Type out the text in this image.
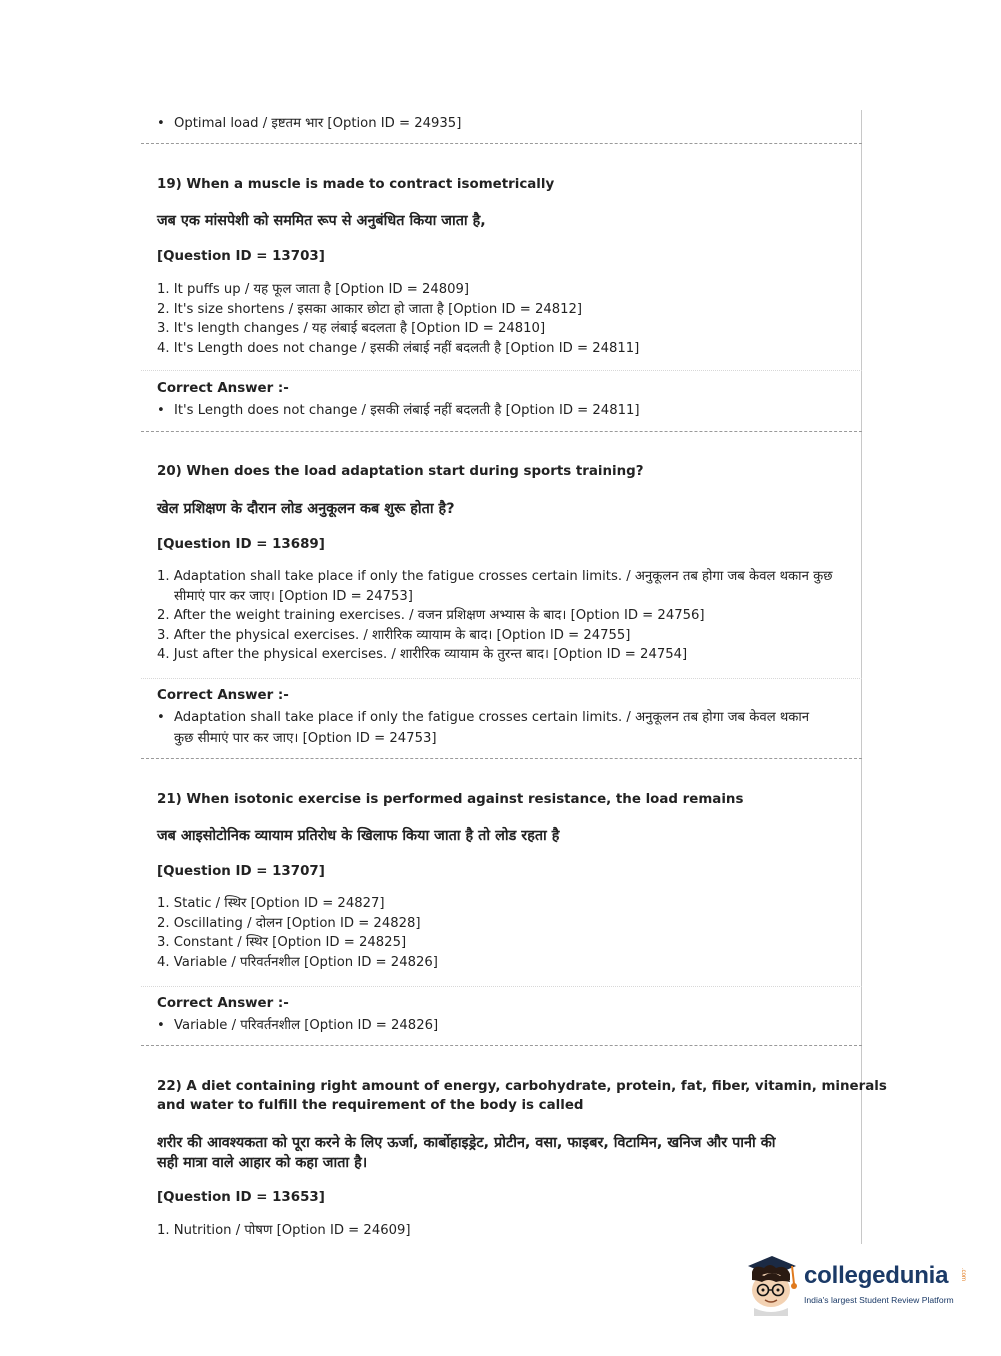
• Optimal load / इष्टतम भार [Option ID = 24935]
19) When a muscle is made to contract isometrically
जब एक मांसपेशी को सममित रूप से अनुबंधित किया जाता है,
[Question ID = 13703]
1. It puffs up / यह फूल जाता है [Option ID = 24809]
2. It's size shortens / इसका आकार छोटा हो जाता है [Option ID = 24812]
3. It's length changes / यह लंबाई बदलता है [Option ID = 24810]
4. It's Length does not change / इसकी लंबाई नहीं बदलती है [Option ID = 24811]
Correct Answer :-
• It's Length does not change / इसकी लंबाई नहीं बदलती है [Option ID = 24811]
20) When does the load adaptation start during sports training?
खेल प्रशिक्षण के दौरान लोड अनुकूलन कब शुरू होता है?
[Question ID = 13689]
1. Adaptation shall take place if only the fatigue crosses certain limits. / अनुकूलन तब होगा जब केवल थकान कुछ
सीमाएं पार कर जाए। [Option ID = 24753]
2. After the weight training exercises. / वजन प्रशिक्षण अभ्यास के बाद। [Option ID = 24756]
3. After the physical exercises. / शारीरिक व्यायाम के बाद। [Option ID = 24755]
4. Just after the physical exercises. / शारीरिक व्यायाम के तुरन्त बाद। [Option ID = 24754]
Correct Answer :-
• Adaptation shall take place if only the fatigue crosses certain limits. / अनुकूलन तब होगा जब केवल थकान
कुछ सीमाएं पार कर जाए। [Option ID = 24753]
21) When isotonic exercise is performed against resistance, the load remains
जब आइसोटोनिक व्यायाम प्रतिरोध के खिलाफ किया जाता है तो लोड रहता है
[Question ID = 13707]
1. Static / स्थिर [Option ID = 24827]
2. Oscillating / दोलन [Option ID = 24828]
3. Constant / स्थिर [Option ID = 24825]
4. Variable / परिवर्तनशील [Option ID = 24826]
Correct Answer :-
• Variable / परिवर्तनशील [Option ID = 24826]
22) A diet containing right amount of energy, carbohydrate, protein, fat, fiber, vitamin, minerals
and water to fulfill the requirement of the body is called
शरीर की आवश्यकता को पूरा करने के लिए ऊर्जा, कार्बोहाइड्रेट, प्रोटीन, वसा, फाइबर, विटामिन, खनिज और पानी की
सही मात्रा वाले आहार को कहा जाता है।
[Question ID = 13653]
1. Nutrition / पोषण [Option ID = 24609]
collegedunia .com
India's largest Student Review Platform
